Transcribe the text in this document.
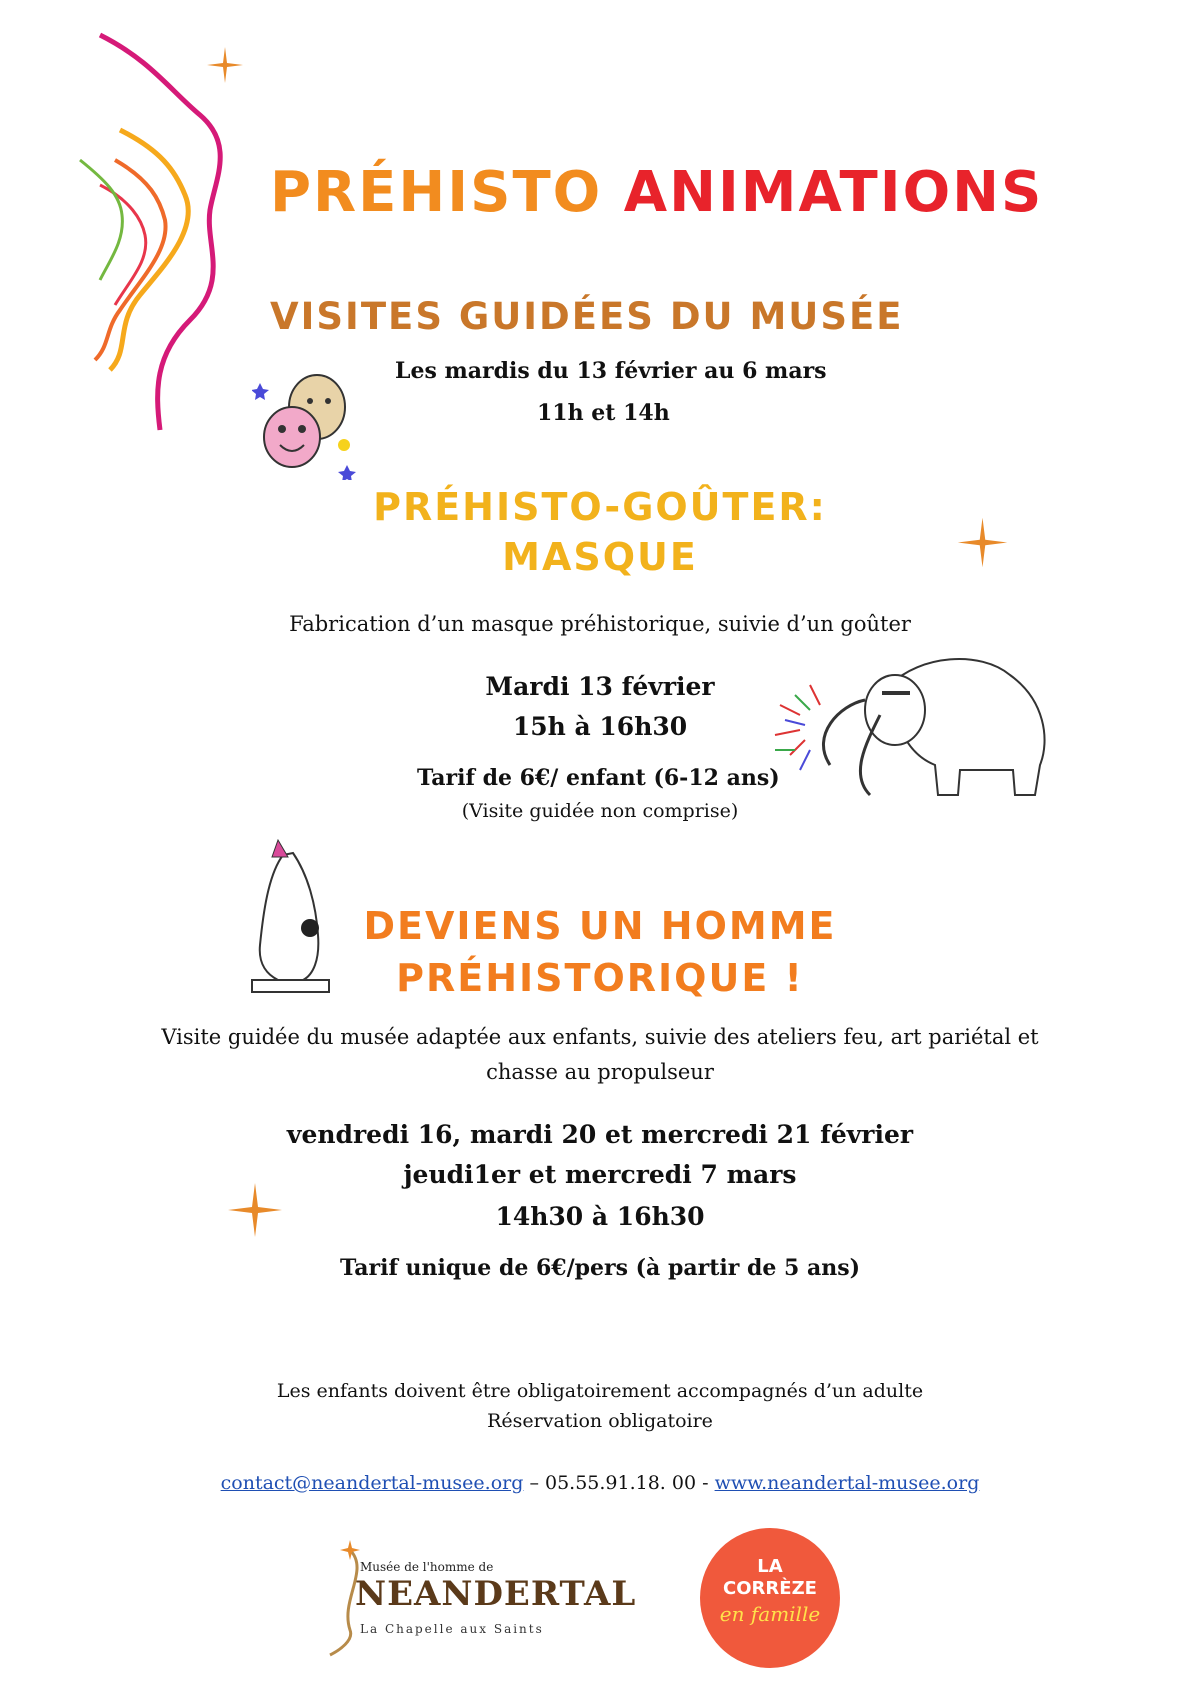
PRÉHISTO ANIMATIONS
VISITES GUIDÉES DU MUSÉE
Les mardis du 13 février au 6 mars
11h et 14h
PRÉHISTO-GOÛTER:
MASQUE
Fabrication d’un masque préhistorique, suivie d’un goûter
Mardi 13 février
15h à 16h30
Tarif de 6€/ enfant (6-12 ans)
(Visite guidée non comprise)
DEVIENS UN HOMME
PRÉHISTORIQUE !
Visite guidée du musée adaptée aux enfants, suivie des ateliers feu, art pariétal et
chasse au propulseur
vendredi 16, mardi 20 et mercredi 21 février
jeudi1er et mercredi 7 mars
14h30 à 16h30
Tarif unique de 6€/pers (à partir de 5 ans)
Les enfants doivent être obligatoirement accompagnés d’un adulte
Réservation obligatoire
contact@neandertal-musee.org – 05.55.91.18. 00 - www.neandertal-musee.org
Musée de l'homme de
NEANDERTAL
La Chapelle aux Saints
LA
CORRÈZE
en famille
